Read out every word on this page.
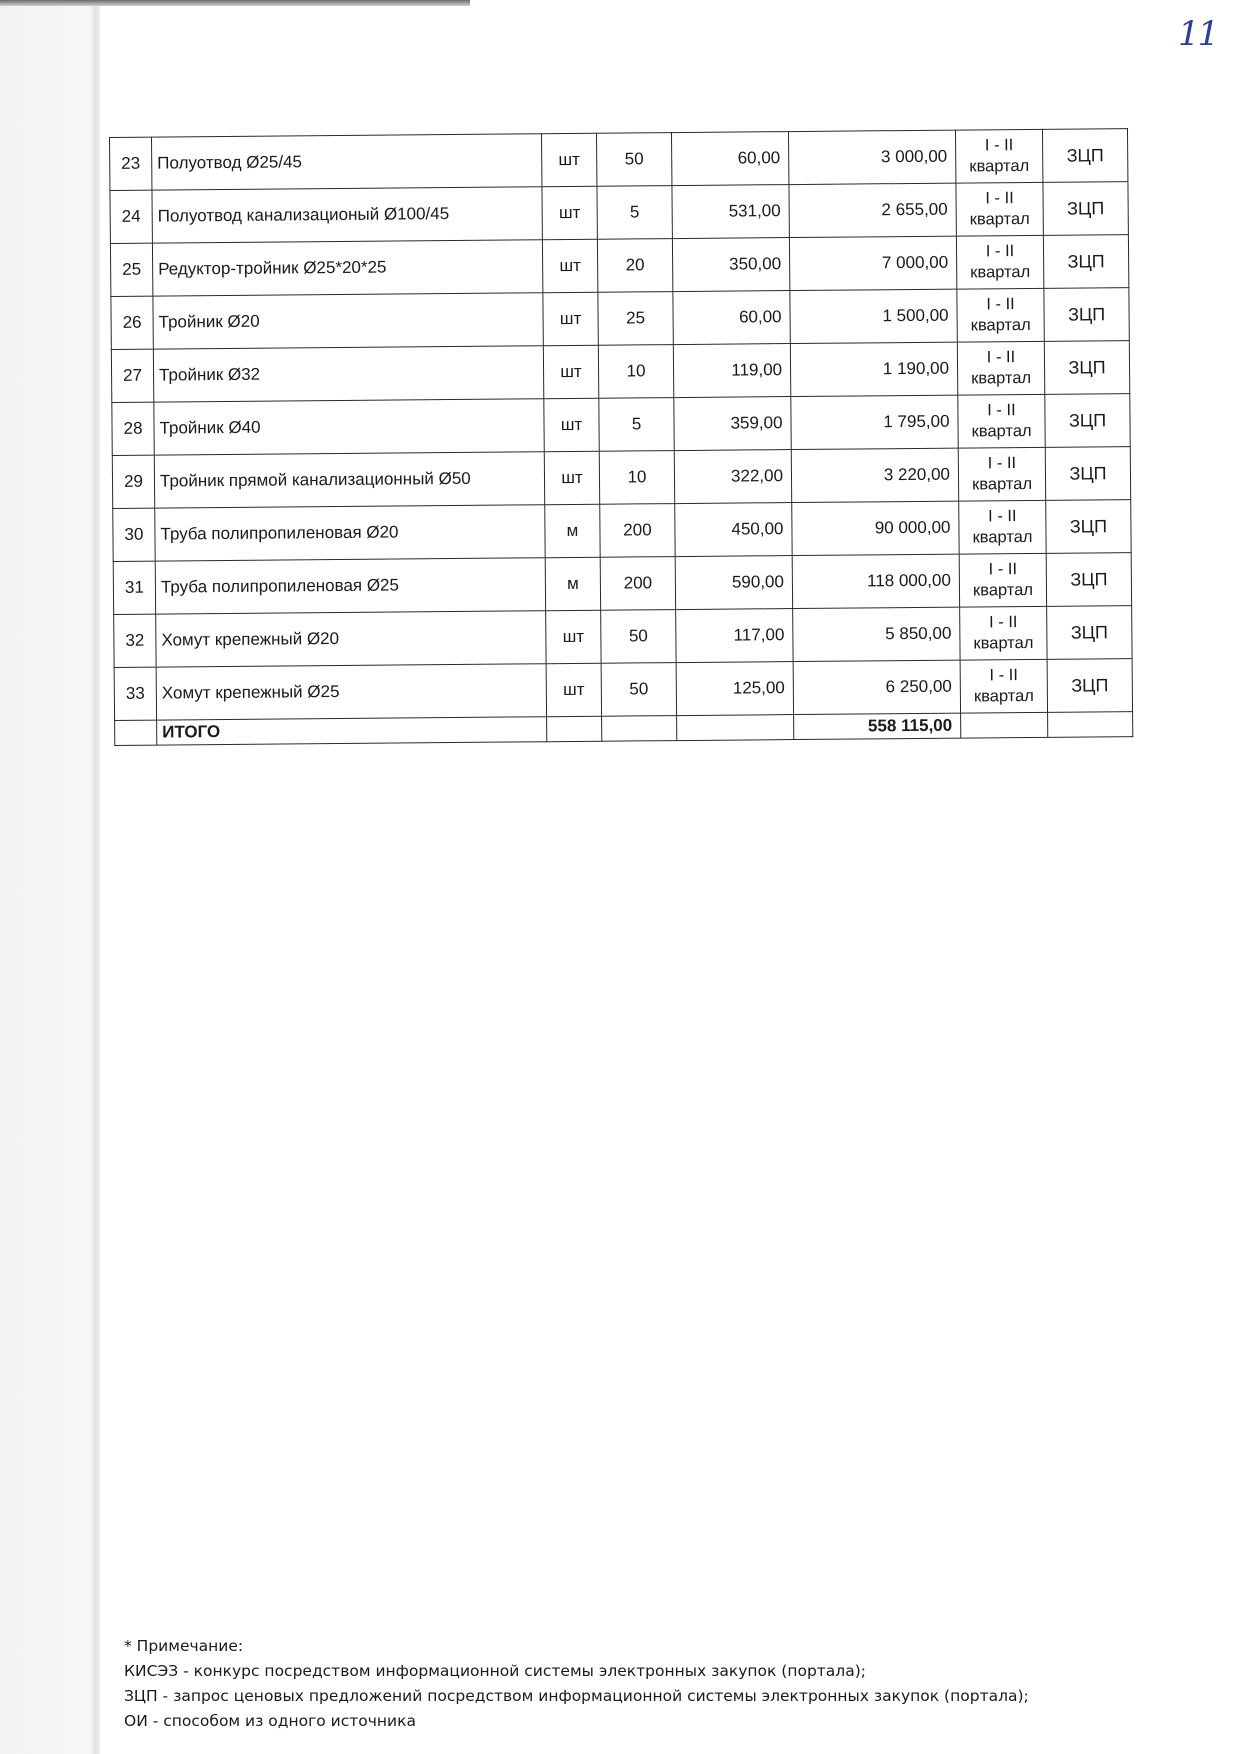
11
23	Полуотвод Ø25/45	шт	50	60,00	3 000,00	I - II
квартал	ЗЦП
24	Полуотвод канализационый Ø100/45	шт	5	531,00	2 655,00	I - II
квартал	ЗЦП
25	Редуктор-тройник Ø25*20*25	шт	20	350,00	7 000,00	I - II
квартал	ЗЦП
26	Тройник Ø20	шт	25	60,00	1 500,00	I - II
квартал	ЗЦП
27	Тройник Ø32	шт	10	119,00	1 190,00	I - II
квартал	ЗЦП
28	Тройник Ø40	шт	5	359,00	1 795,00	I - II
квартал	ЗЦП
29	Тройник прямой канализационный Ø50	шт	10	322,00	3 220,00	I - II
квартал	ЗЦП
30	Труба полипропиленовая Ø20	м	200	450,00	90 000,00	I - II
квартал	ЗЦП
31	Труба полипропиленовая Ø25	м	200	590,00	118 000,00	I - II
квартал	ЗЦП
32	Хомут крепежный Ø20	шт	50	117,00	5 850,00	I - II
квартал	ЗЦП
33	Хомут крепежный Ø25	шт	50	125,00	6 250,00	I - II
квартал	ЗЦП
	ИТОГО				558 115,00		
* Примечание:
КИСЭЗ - конкурс посредством информационной системы электронных закупок (портала);
ЗЦП - запрос ценовых предложений посредством информационной системы электронных закупок (портала);
ОИ - способом из одного источника
